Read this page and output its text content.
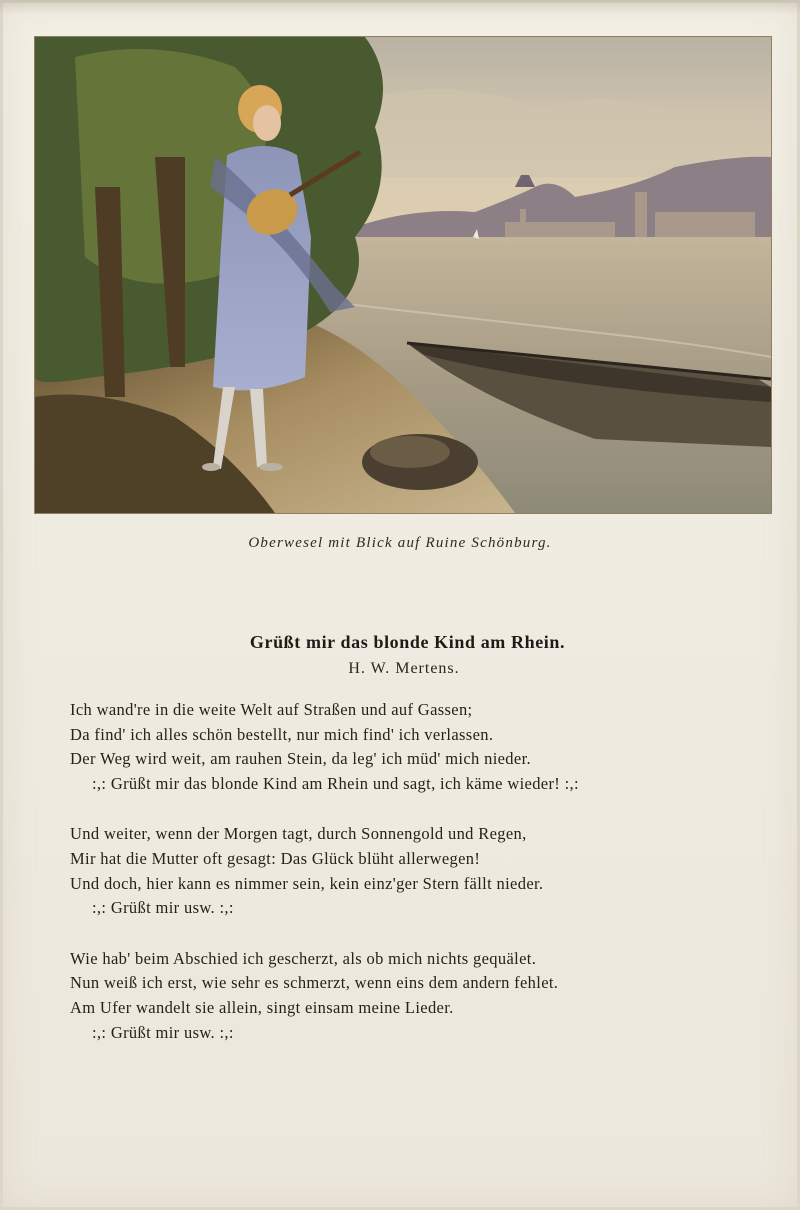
Oberwesel mit Blick auf Ruine Schönburg.
Grüßt mir das blonde Kind am Rhein.
H. W. Mertens.
Ich wand're in die weite Welt auf Straßen und auf Gassen;
Da find' ich alles schön bestellt, nur mich find' ich verlassen.
Der Weg wird weit, am rauhen Stein, da leg' ich müd' mich nieder.
:,: Grüßt mir das blonde Kind am Rhein und sagt, ich käme wieder! :,:
Und weiter, wenn der Morgen tagt, durch Sonnengold und Regen,
Mir hat die Mutter oft gesagt: Das Glück blüht allerwegen!
Und doch, hier kann es nimmer sein, kein einz'ger Stern fällt nieder.
:,: Grüßt mir usw. :,:
Wie hab' beim Abschied ich gescherzt, als ob mich nichts gequälet.
Nun weiß ich erst, wie sehr es schmerzt, wenn eins dem andern fehlet.
Am Ufer wandelt sie allein, singt einsam meine Lieder.
:,: Grüßt mir usw. :,:
